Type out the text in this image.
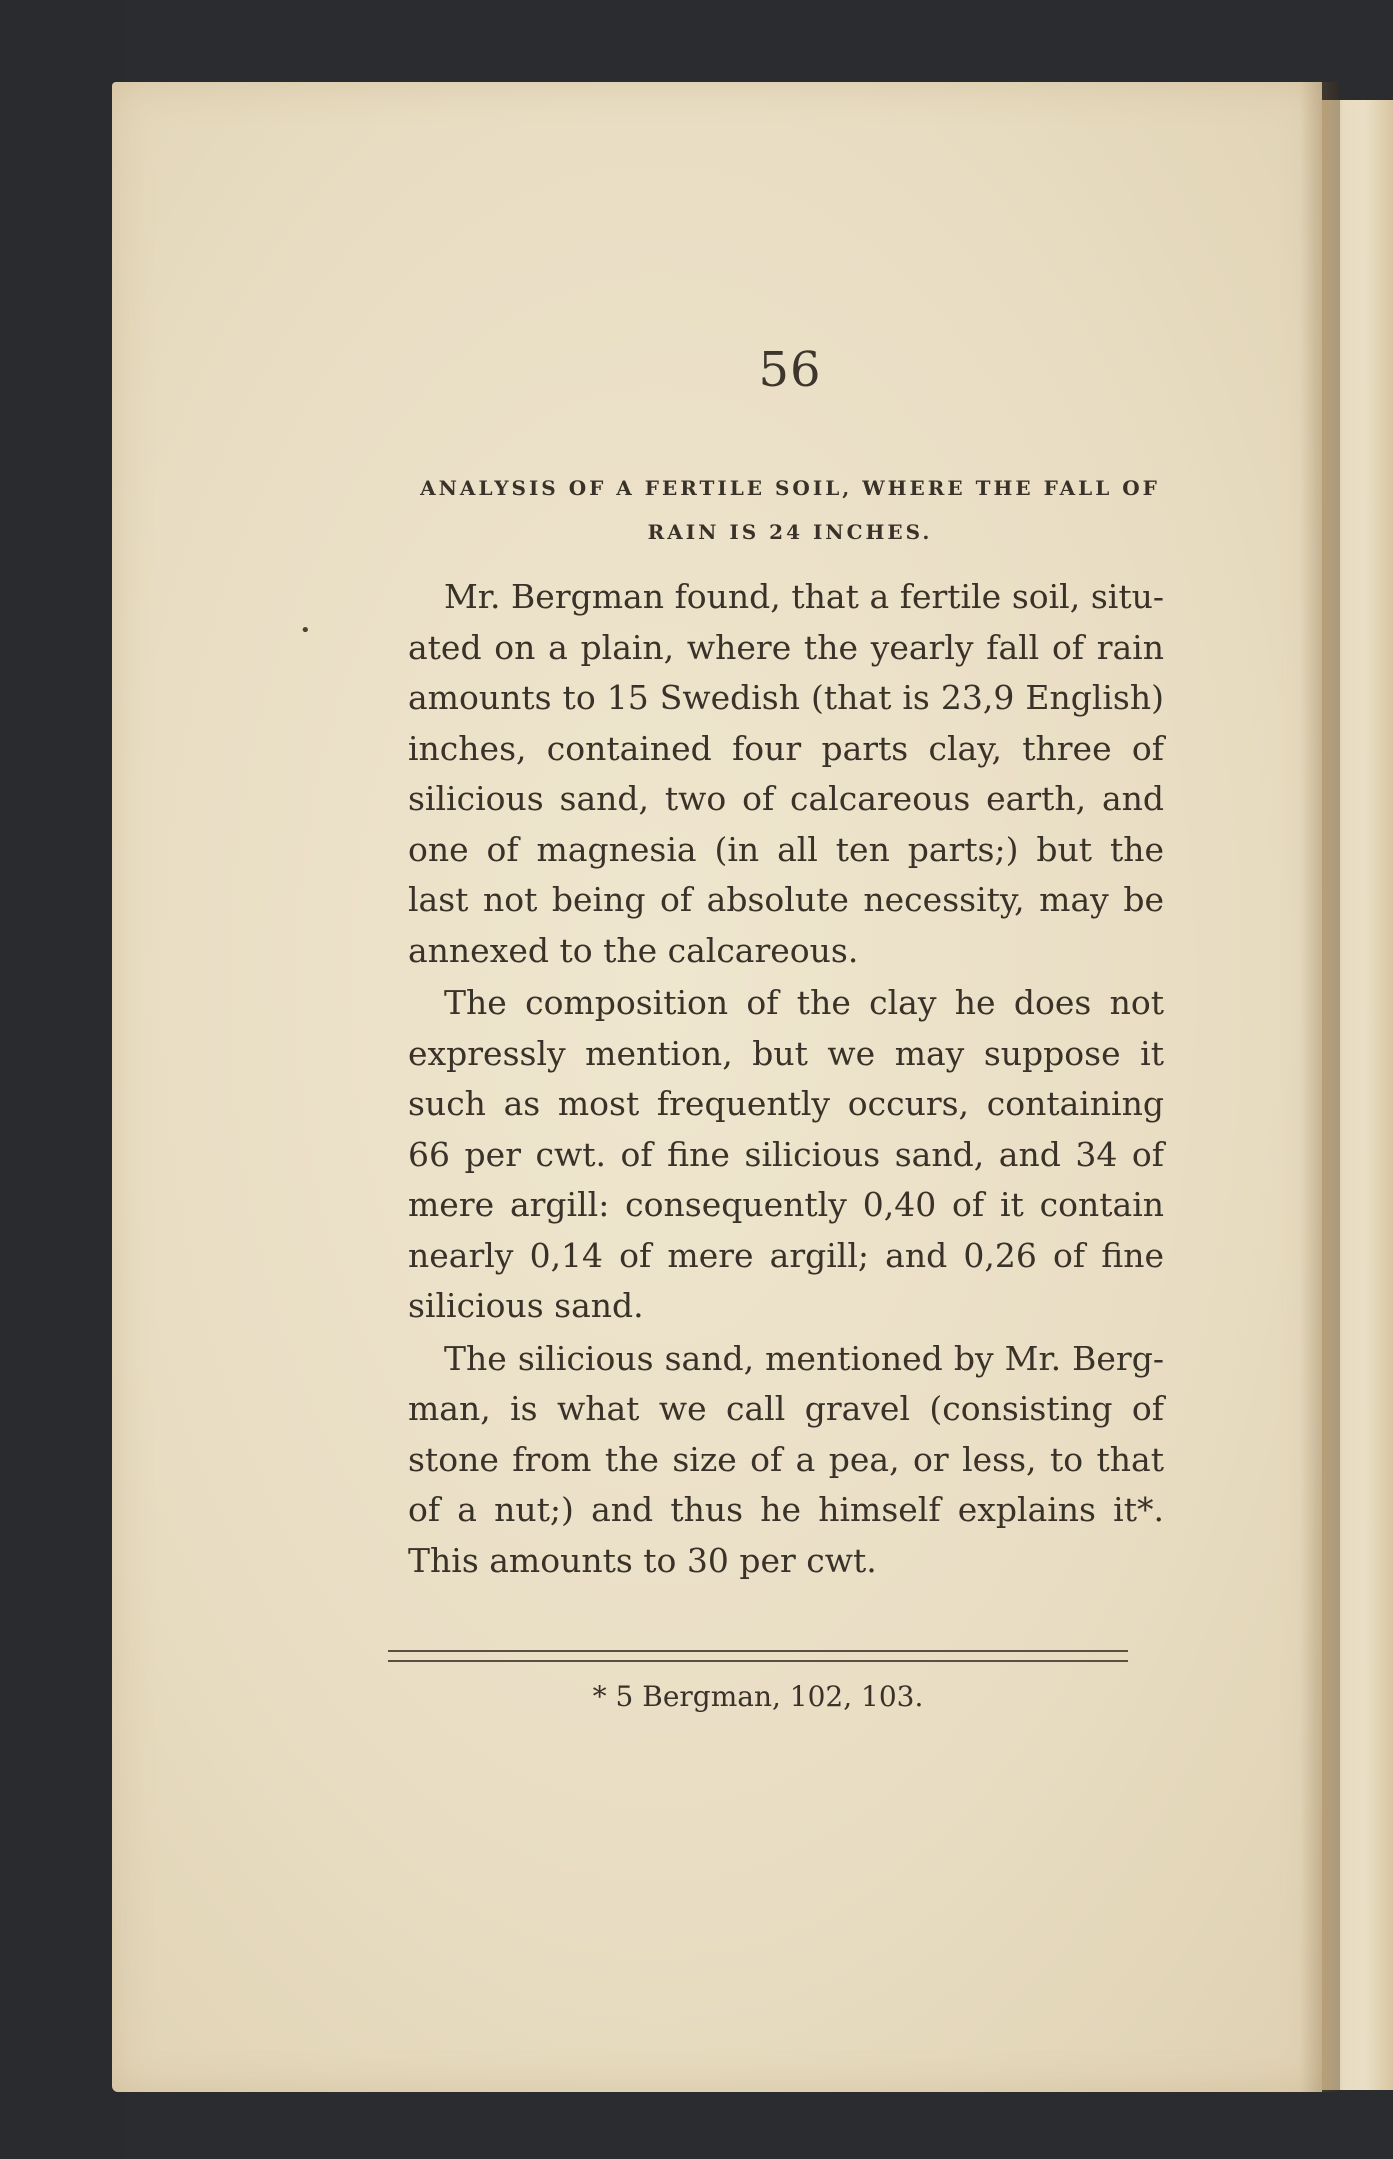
•
56
ANALYSIS OF A FERTILE SOIL, WHERE THE FALL OF RAIN IS 24 INCHES.

Mr. Bergman found, that a fertile soil, situated on a plain, where the yearly fall of rain amounts to 15 Swedish (that is 23,9 English) inches, contained four parts clay, three of silicious sand, two of calcareous earth, and one of magnesia (in all ten parts;) but the last not being of absolute necessity, may be annexed to the calcareous.

The composition of the clay he does not expressly mention, but we may suppose it such as most frequently occurs, containing 66 per cwt. of fine silicious sand, and 34 of mere argill: consequently 0,40 of it contain nearly 0,14 of mere argill; and 0,26 of fine silicious sand.

The silicious sand, mentioned by Mr. Bergman, is what we call gravel (consisting of stone from the size of a pea, or less, to that of a nut;) and thus he himself explains it*. This amounts to 30 per cwt.

* 5 Bergman, 102, 103.
